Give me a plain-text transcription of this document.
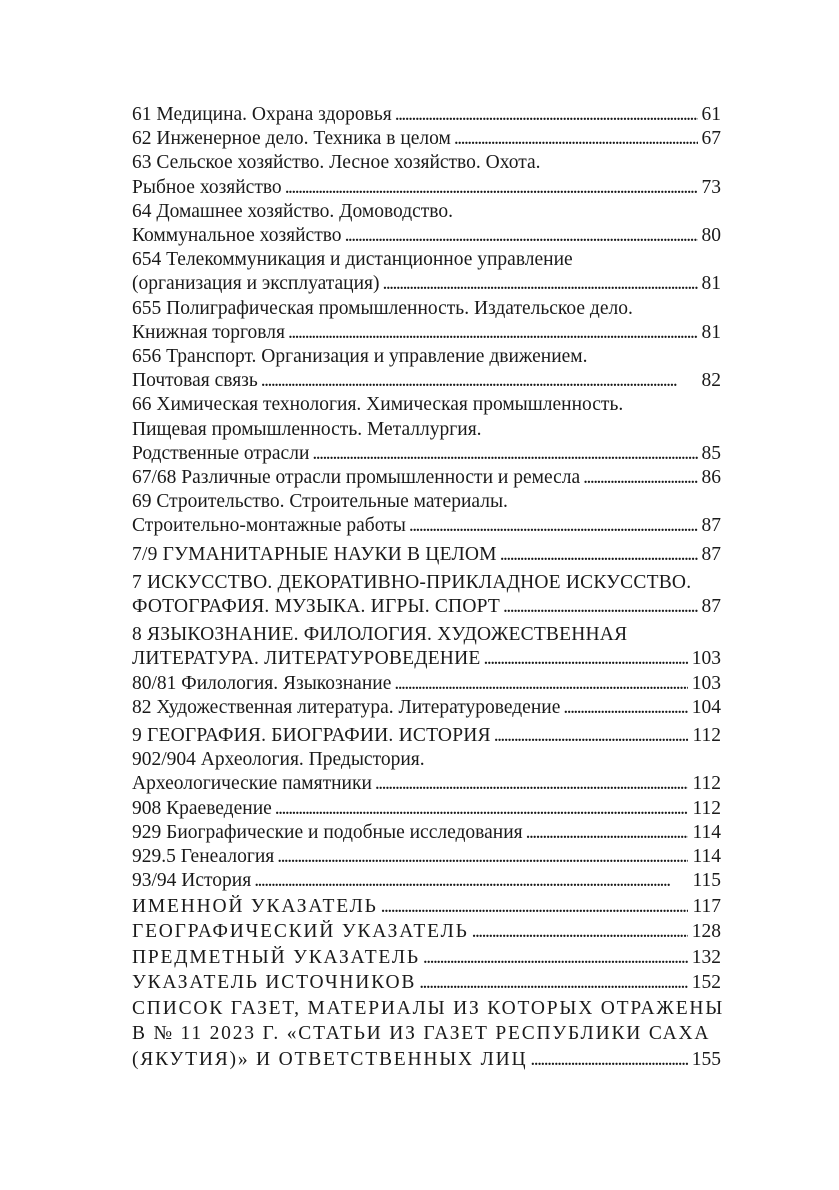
61 Медицина. Охрана здоровья . . .	61
62 Инженерное дело. Техника в целом . . .	67
63 Сельское хозяйство. Лесное хозяйство. Охота.
Рыбное хозяйство . . .	73
64 Домашнее хозяйство. Домоводство.
Коммунальное хозяйство . . .	80
654 Телекоммуникация и дистанционное управление
(организация и эксплуатация) . . .	81
655 Полиграфическая промышленность. Издательское дело.
Книжная торговля . . .	81
656 Транспорт. Организация и управление движением.
Почтовая связь . . .	82
66 Химическая технология. Химическая промышленность.
Пищевая промышленность. Металлургия.
Родственные отрасли . . .	85
67/68 Различные отрасли промышленности и ремесла . . .	86
69 Строительство. Строительные материалы.
Строительно-монтажные работы . . .	87
7/9 ГУМАНИТАРНЫЕ НАУКИ В ЦЕЛОМ . . .	87
7 ИСКУССТВО. ДЕКОРАТИВНО-ПРИКЛАДНОЕ ИСКУССТВО.
ФОТОГРАФИЯ. МУЗЫКА. ИГРЫ. СПОРТ . . .	87
8 ЯЗЫКОЗНАНИЕ. ФИЛОЛОГИЯ. ХУДОЖЕСТВЕННАЯ
ЛИТЕРАТУРА. ЛИТЕРАТУРОВЕДЕНИЕ . . .	103
80/81 Филология. Языкознание . . .	103
82 Художественная литература. Литературоведение . . .	104
9 ГЕОГРАФИЯ. БИОГРАФИИ. ИСТОРИЯ . . .	112
902/904 Археология. Предыстория.
Археологические памятники . . .	112
908 Краеведение . . .	112
929 Биографические и подобные исследования . . .	114
929.5 Генеалогия . . .	114
93/94 История . . .	115
ИМЕННОЙ УКАЗАТЕЛЬ . . .	117
ГЕОГРАФИЧЕСКИЙ УКАЗАТЕЛЬ . . .	128
ПРЕДМЕТНЫЙ УКАЗАТЕЛЬ . . .	132
УКАЗАТЕЛЬ ИСТОЧНИКОВ . . .	152
СПИСОК ГАЗЕТ, МАТЕРИАЛЫ ИЗ КОТОРЫХ ОТРАЖЕНЫ
В № 11 2023 Г. «СТАТЬИ ИЗ ГАЗЕТ РЕСПУБЛИКИ САХА
(ЯКУТИЯ)» И ОТВЕТСТВЕННЫХ ЛИЦ . . .	155
